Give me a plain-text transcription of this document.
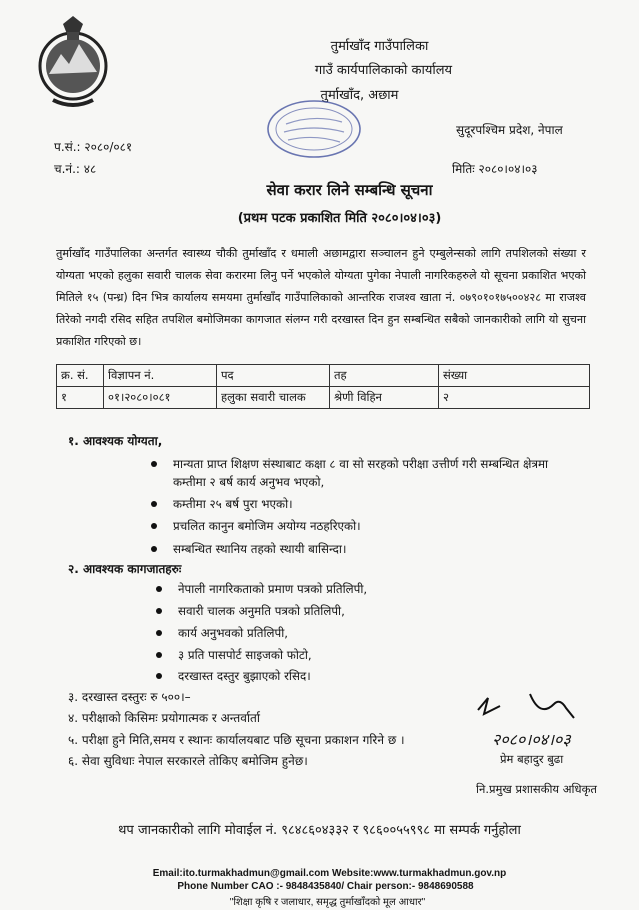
तुर्माखाँद गाउँपालिका
गाउँ कार्यपालिकाको कार्यालय
तुर्माखाँद, अछाम
सुदूरपश्चिम प्रदेश, नेपाल
प.सं.: २०८०/०८१
च.नं.: ४८	मितिः २०८०।०४।०३
सेवा करार लिने सम्बन्धि सूचना
(प्रथम पटक प्रकाशित मिति २०८०।०४।०३)
तुर्माखाँद गाउँपालिका अन्तर्गत स्वास्थ्य चौकी तुर्माखाँद र धमाली अछामद्वारा सञ्चालन हुने एम्बुलेन्सको लागि तपशिलको संख्या र योग्यता भएको हलुका सवारी चालक सेवा करारमा लिनु पर्ने भएकोले योग्यता पुगेका नेपाली नागरिकहरुले यो सूचना प्रकाशित भएको मितिले १५ (पन्ध्र) दिन भित्र कार्यालय समयमा तुर्माखाँद गाउँपालिकाको आन्तरिक राजश्व खाता नं. ०७९०१०१७५००४२८ मा राजश्व तिरेको नगदी रसिद सहित तपशिल बमोजिमका कागजात संलग्न गरी दरखास्त दिन हुन सम्बन्धित सबैको जानकारीको लागि यो सुचना प्रकाशित गरिएको छ।
क्र. सं.	विज्ञापन नं.	पद	तह	संख्या
१	०१।२०८०।०८१	हलुका सवारी चालक	श्रेणी विहिन	२
१. आवश्यक योग्यता,
मान्यता प्राप्त शिक्षण संस्थाबाट कक्षा ८ वा सो सरहको परीक्षा उत्तीर्ण गरी सम्बन्धित क्षेत्रमा
कम्तीमा २ बर्ष कार्य अनुभव भएको,
कम्तीमा २५ बर्ष पुरा भएको।
प्रचलित कानुन बमोजिम अयोग्य नठहरिएको।
सम्बन्धित स्थानिय तहको स्थायी बासिन्दा।
२. आवश्यक कागजातहरुः
नेपाली नागरिकताको प्रमाण पत्रको प्रतिलिपी,
सवारी चालक अनुमति पत्रको प्रतिलिपी,
कार्य अनुभवको प्रतिलिपी,
३ प्रति पासपोर्ट साइजको फोटो,
दरखास्त दस्तुर बुझाएको रसिद।
३. दरखास्त दस्तुरः रु ५००।–
४. परीक्षाको किसिमः प्रयोगात्मक र अन्तर्वार्ता
५. परीक्षा हुने मिति,समय र स्थानः कार्यालयबाट पछि सूचना प्रकाशन गरिने छ ।
६. सेवा सुविधाः नेपाल सरकारले तोकिए बमोजिम हुनेछ।
२०८०।०४।०३
प्रेम बहादुर बुढा
नि.प्रमुख प्रशासकीय अधिकृत
थप जानकारीको लागि मोवाईल नं. ९८४८६०४३३२ र ९८६००५५९९८ मा सम्पर्क गर्नुहोला
Email:ito.turmakhadmun@gmail.com Website:www.turmakhadmun.gov.np
Phone Number CAO :- 9848435840/ Chair person:- 9848690588
"शिक्षा कृषि र जलाधार, समृद्ध तुर्माखाँदको मूल आधार"
